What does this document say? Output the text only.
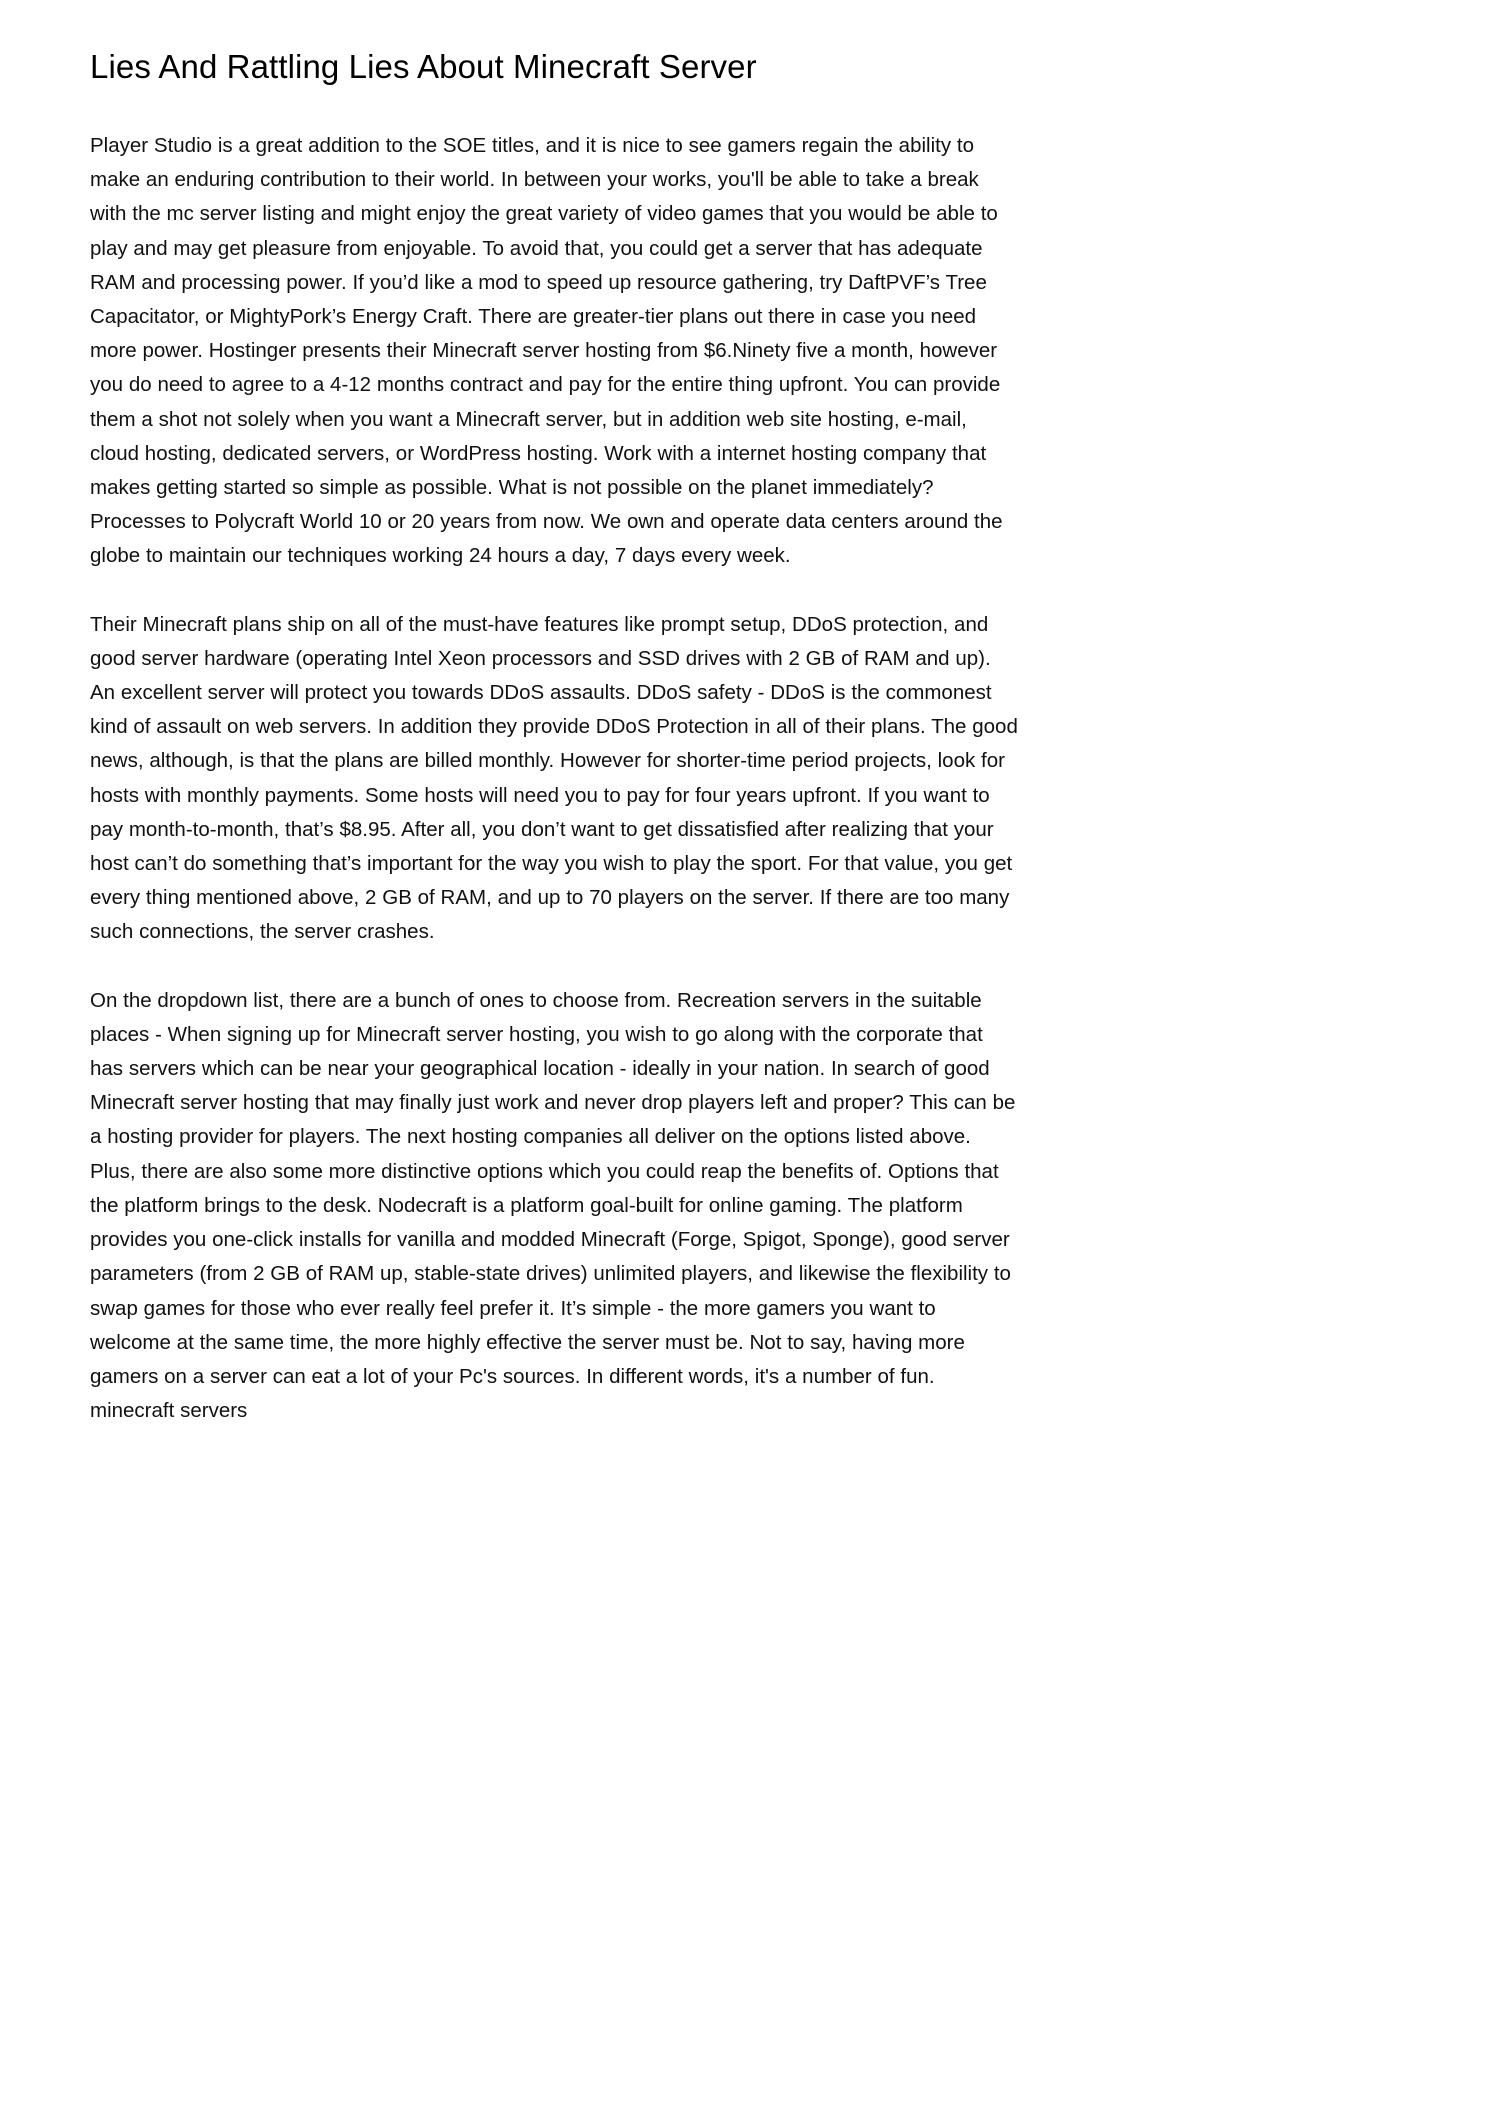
Lies And Rattling Lies About Minecraft Server

Player Studio is a great addition to the SOE titles, and it is nice to see gamers regain the ability to make an enduring contribution to their world. In between your works, you'll be able to take a break with the mc server listing and might enjoy the great variety of video games that you would be able to play and may get pleasure from enjoyable. To avoid that, you could get a server that has adequate RAM and processing power. If you’d like a mod to speed up resource gathering, try DaftPVF’s Tree Capacitator, or MightyPork’s Energy Craft. There are greater-tier plans out there in case you need more power. Hostinger presents their Minecraft server hosting from $6.Ninety five a month, however you do need to agree to a 4-12 months contract and pay for the entire thing upfront. You can provide them a shot not solely when you want a Minecraft server, but in addition web site hosting, e-mail, cloud hosting, dedicated servers, or WordPress hosting. Work with a internet hosting company that makes getting started so simple as possible. What is not possible on the planet immediately? Processes to Polycraft World 10 or 20 years from now. We own and operate data centers around the globe to maintain our techniques working 24 hours a day, 7 days every week.

Their Minecraft plans ship on all of the must-have features like prompt setup, DDoS protection, and good server hardware (operating Intel Xeon processors and SSD drives with 2 GB of RAM and up). An excellent server will protect you towards DDoS assaults. DDoS safety - DDoS is the commonest kind of assault on web servers. In addition they provide DDoS Protection in all of their plans. The good news, although, is that the plans are billed monthly. However for shorter-time period projects, look for hosts with monthly payments. Some hosts will need you to pay for four years upfront. If you want to pay month-to-month, that’s $8.95. After all, you don’t want to get dissatisfied after realizing that your host can’t do something that’s important for the way you wish to play the sport. For that value, you get every thing mentioned above, 2 GB of RAM, and up to 70 players on the server. If there are too many such connections, the server crashes.

On the dropdown list, there are a bunch of ones to choose from. Recreation servers in the suitable places - When signing up for Minecraft server hosting, you wish to go along with the corporate that has servers which can be near your geographical location - ideally in your nation. In search of good Minecraft server hosting that may finally just work and never drop players left and proper? This can be a hosting provider for players. The next hosting companies all deliver on the options listed above. Plus, there are also some more distinctive options which you could reap the benefits of. Options that the platform brings to the desk. Nodecraft is a platform goal-built for online gaming. The platform provides you one-click installs for vanilla and modded Minecraft (Forge, Spigot, Sponge), good server parameters (from 2 GB of RAM up, stable-state drives) unlimited players, and likewise the flexibility to swap games for those who ever really feel prefer it. It’s simple - the more gamers you want to welcome at the same time, the more highly effective the server must be. Not to say, having more gamers on a server can eat a lot of your Pc's sources. In different words, it's a number of fun. minecraft servers
